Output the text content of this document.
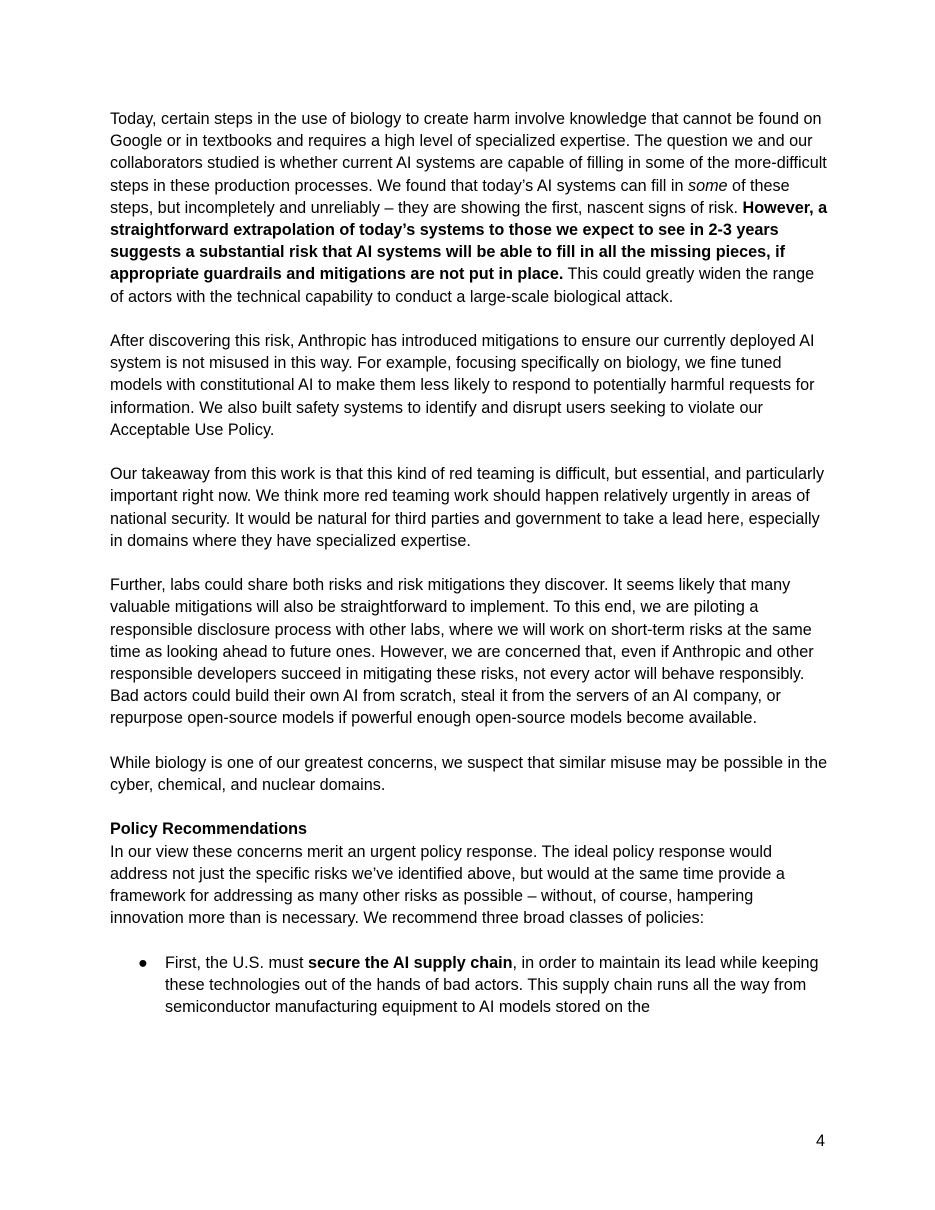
Today, certain steps in the use of biology to create harm involve knowledge that cannot be found on Google or in textbooks and requires a high level of specialized expertise. The question we and our collaborators studied is whether current AI systems are capable of filling in some of the more-difficult steps in these production processes. We found that today’s AI systems can fill in some of these steps, but incompletely and unreliably – they are showing the first, nascent signs of risk. However, a straightforward extrapolation of today’s systems to those we expect to see in 2-3 years suggests a substantial risk that AI systems will be able to fill in all the missing pieces, if appropriate guardrails and mitigations are not put in place. This could greatly widen the range of actors with the technical capability to conduct a large-scale biological attack.

After discovering this risk, Anthropic has introduced mitigations to ensure our currently deployed AI system is not misused in this way. For example, focusing specifically on biology, we fine tuned models with constitutional AI to make them less likely to respond to potentially harmful requests for information. We also built safety systems to identify and disrupt users seeking to violate our Acceptable Use Policy.

Our takeaway from this work is that this kind of red teaming is difficult, but essential, and particularly important right now. We think more red teaming work should happen relatively urgently in areas of national security. It would be natural for third parties and government to take a lead here, especially in domains where they have specialized expertise.

Further, labs could share both risks and risk mitigations they discover. It seems likely that many valuable mitigations will also be straightforward to implement. To this end, we are piloting a responsible disclosure process with other labs, where we will work on short-term risks at the same time as looking ahead to future ones. However, we are concerned that, even if Anthropic and other responsible developers succeed in mitigating these risks, not every actor will behave responsibly. Bad actors could build their own AI from scratch, steal it from the servers of an AI company, or repurpose open-source models if powerful enough open-source models become available.

While biology is one of our greatest concerns, we suspect that similar misuse may be possible in the cyber, chemical, and nuclear domains.

Policy Recommendations

In our view these concerns merit an urgent policy response. The ideal policy response would address not just the specific risks we’ve identified above, but would at the same time provide a framework for addressing as many other risks as possible – without, of course, hampering innovation more than is necessary. We recommend three broad classes of policies:

● First, the U.S. must secure the AI supply chain, in order to maintain its lead while keeping these technologies out of the hands of bad actors. This supply chain runs all the way from semiconductor manufacturing equipment to AI models stored on the
4
